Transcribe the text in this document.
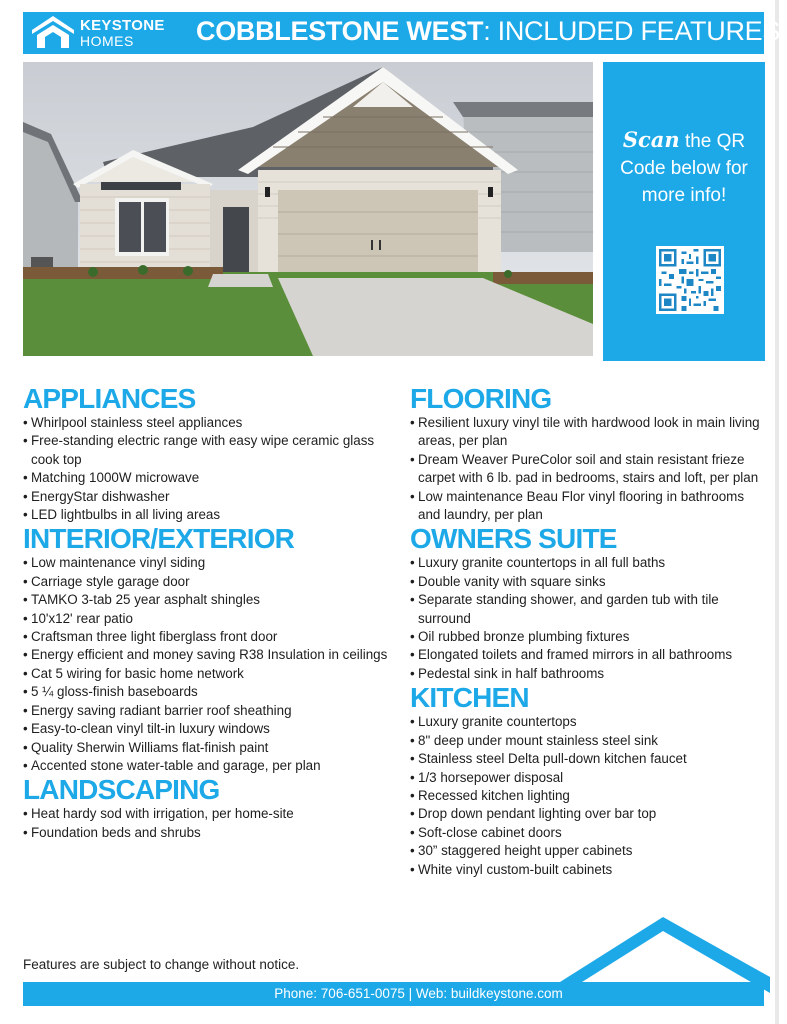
KEYSTONE
HOMES COBBLESTONE WEST: INCLUDED FEATURES
Scan the QR
Code below for
more info!
APPLIANCES
• Whirlpool stainless steel appliances
• Free-standing electric range with easy wipe ceramic glass cook top
• Matching 1000W microwave
• EnergyStar dishwasher
• LED lightbulbs in all living areas
INTERIOR/EXTERIOR
• Low maintenance vinyl siding
• Carriage style garage door
• TAMKO 3-tab 25 year asphalt shingles
• 10'x12' rear patio
• Craftsman three light fiberglass front door
• Energy efficient and money saving R38 Insulation in ceilings
• Cat 5 wiring for basic home network
• 5 ¼ gloss-finish baseboards
• Energy saving radiant barrier roof sheathing
• Easy-to-clean vinyl tilt-in luxury windows
• Quality Sherwin Williams flat-finish paint
• Accented stone water-table and garage, per plan
LANDSCAPING
• Heat hardy sod with irrigation, per home-site
• Foundation beds and shrubs
FLOORING
• Resilient luxury vinyl tile with hardwood look in main living areas, per plan
• Dream Weaver PureColor soil and stain resistant frieze carpet with 6 lb. pad in bedrooms, stairs and loft, per plan
• Low maintenance Beau Flor vinyl flooring in bathrooms and laundry, per plan
OWNERS SUITE
• Luxury granite countertops in all full baths
• Double vanity with square sinks
• Separate standing shower, and garden tub with tile surround
• Oil rubbed bronze plumbing fixtures
• Elongated toilets and framed mirrors in all bathrooms
• Pedestal sink in half bathrooms
KITCHEN
• Luxury granite countertops
• 8" deep under mount stainless steel sink
• Stainless steel Delta pull-down kitchen faucet
• 1/3 horsepower disposal
• Recessed kitchen lighting
• Drop down pendant lighting over bar top
• Soft-close cabinet doors
• 30” staggered height upper cabinets
• White vinyl custom-built cabinets
Features are subject to change without notice.
Phone: 706-651-0075 | Web: buildkeystone.com
